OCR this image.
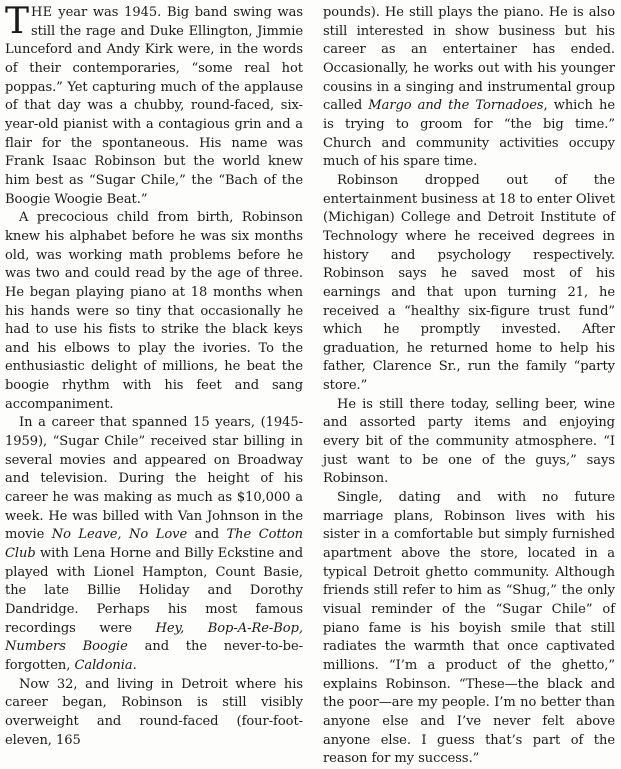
THE year was 1945. Big band swing was still the rage and Duke Ellington, Jimmie Lunceford and Andy Kirk were, in the words of their contemporaries, “some real hot poppas.” Yet capturing much of the applause of that day was a chubby, round-faced, six-year-old pianist with a contagious grin and a flair for the spontaneous. His name was Frank Isaac Robinson but the world knew him best as “Sugar Chile,” the “Bach of the Boogie Woogie Beat.”

A precocious child from birth, Robinson knew his alphabet before he was six months old, was working math problems before he was two and could read by the age of three. He began playing piano at 18 months when his hands were so tiny that occasionally he had to use his fists to strike the black keys and his elbows to play the ivories. To the enthusiastic delight of millions, he beat the boogie rhythm with his feet and sang accompaniment.

In a career that spanned 15 years, (1945-1959), “Sugar Chile” received star billing in several movies and appeared on Broadway and television. During the height of his career he was making as much as $10,000 a week. He was billed with Van Johnson in the movie No Leave, No Love and The Cotton Club with Lena Horne and Billy Eckstine and played with Lionel Hampton, Count Basie, the late Billie Holiday and Dorothy Dandridge. Perhaps his most famous recordings were Hey, Bop-A-Re-Bop, Numbers Boogie and the never-to-be-forgotten, Caldonia.

Now 32, and living in Detroit where his career began, Robinson is still visibly overweight and round-faced (four-foot-eleven, 165

pounds). He still plays the piano. He is also still interested in show business but his career as an entertainer has ended. Occasionally, he works out with his younger cousins in a singing and instrumental group called Margo and the Tornadoes, which he is trying to groom for “the big time.” Church and community activities occupy much of his spare time.

Robinson dropped out of the entertainment business at 18 to enter Olivet (Michigan) College and Detroit Institute of Technology where he received degrees in history and psychology respectively. Robinson says he saved most of his earnings and that upon turning 21, he received a “healthy six-figure trust fund” which he promptly invested. After graduation, he returned home to help his father, Clarence Sr., run the family “party store.”

He is still there today, selling beer, wine and assorted party items and enjoying every bit of the community atmosphere. “I just want to be one of the guys,” says Robinson.

Single, dating and with no future marriage plans, Robinson lives with his sister in a comfortable but simply furnished apartment above the store, located in a typical Detroit ghetto community. Although friends still refer to him as “Shug,” the only visual reminder of the “Sugar Chile” of piano fame is his boyish smile that still radiates the warmth that once captivated millions. “I’m a product of the ghetto,” explains Robinson. “These—the black and the poor—are my people. I’m no better than anyone else and I’ve never felt above anyone else. I guess that’s part of the reason for my success.”
